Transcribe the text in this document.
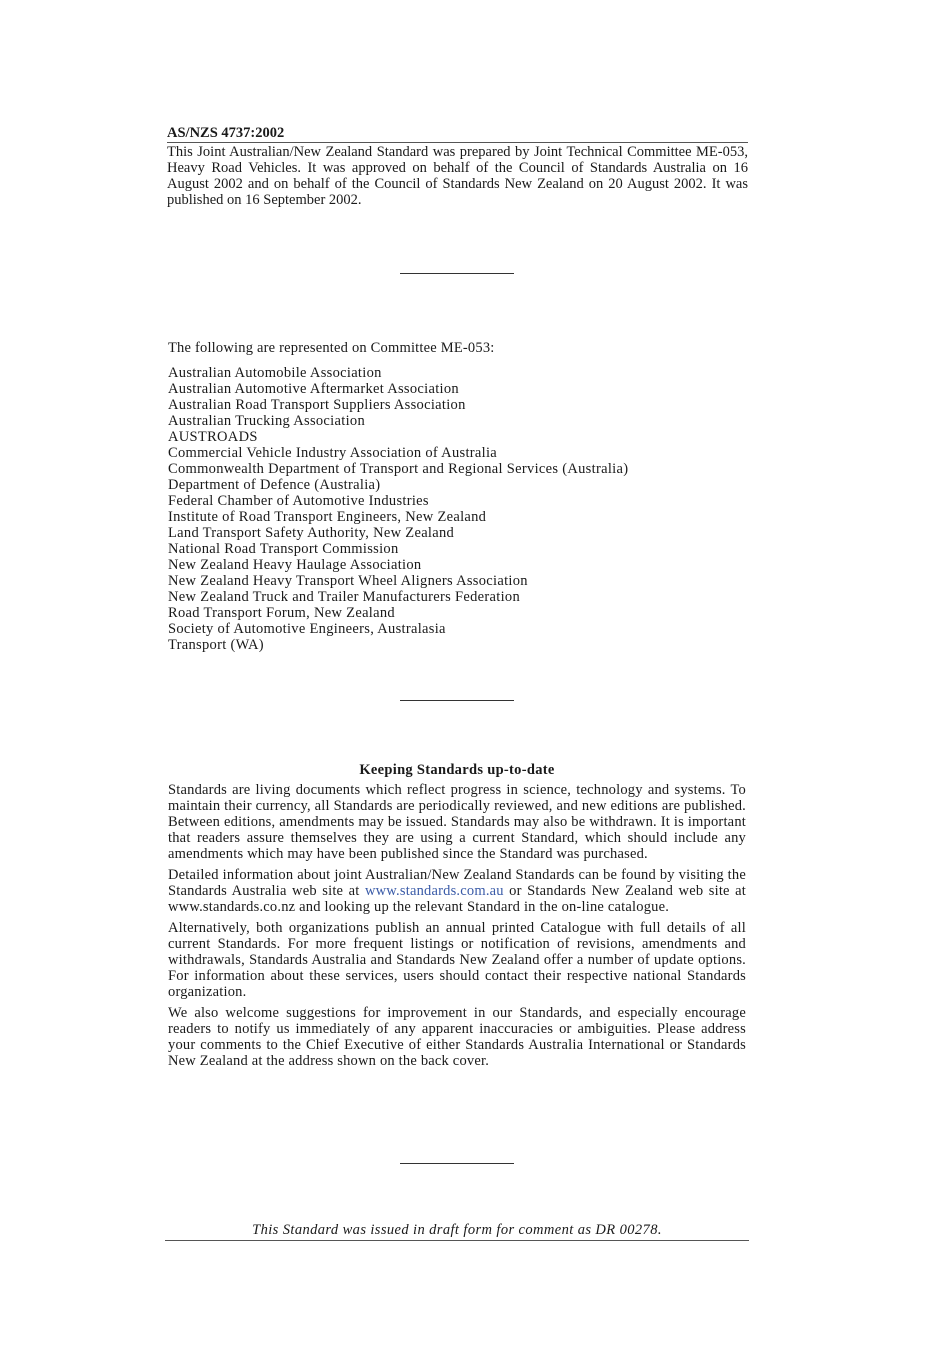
AS/NZS 4737:2002
This Joint Australian/New Zealand Standard was prepared by Joint Technical Committee ME-053, Heavy Road Vehicles. It was approved on behalf of the Council of Standards Australia on 16 August 2002 and on behalf of the Council of Standards New Zealand on 20 August 2002. It was published on 16 September 2002.
The following are represented on Committee ME-053:
Australian Automobile Association
Australian Automotive Aftermarket Association
Australian Road Transport Suppliers Association
Australian Trucking Association
AUSTROADS
Commercial Vehicle Industry Association of Australia
Commonwealth Department of Transport and Regional Services (Australia)
Department of Defence (Australia)
Federal Chamber of Automotive Industries
Institute of Road Transport Engineers, New Zealand
Land Transport Safety Authority, New Zealand
National Road Transport Commission
New Zealand Heavy Haulage Association
New Zealand Heavy Transport Wheel Aligners Association
New Zealand Truck and Trailer Manufacturers Federation
Road Transport Forum, New Zealand
Society of Automotive Engineers, Australasia
Transport (WA)
Keeping Standards up-to-date

Standards are living documents which reflect progress in science, technology and systems. To maintain their currency, all Standards are periodically reviewed, and new editions are published. Between editions, amendments may be issued. Standards may also be withdrawn. It is important that readers assure themselves they are using a current Standard, which should include any amendments which may have been published since the Standard was purchased.

Detailed information about joint Australian/New Zealand Standards can be found by visiting the Standards Australia web site at www.standards.com.au or Standards New Zealand web site at www.standards.co.nz and looking up the relevant Standard in the on-line catalogue.

Alternatively, both organizations publish an annual printed Catalogue with full details of all current Standards. For more frequent listings or notification of revisions, amendments and withdrawals, Standards Australia and Standards New Zealand offer a number of update options. For information about these services, users should contact their respective national Standards organization.

We also welcome suggestions for improvement in our Standards, and especially encourage readers to notify us immediately of any apparent inaccuracies or ambiguities. Please address your comments to the Chief Executive of either Standards Australia International or Standards New Zealand at the address shown on the back cover.

This Standard was issued in draft form for comment as DR 00278.
